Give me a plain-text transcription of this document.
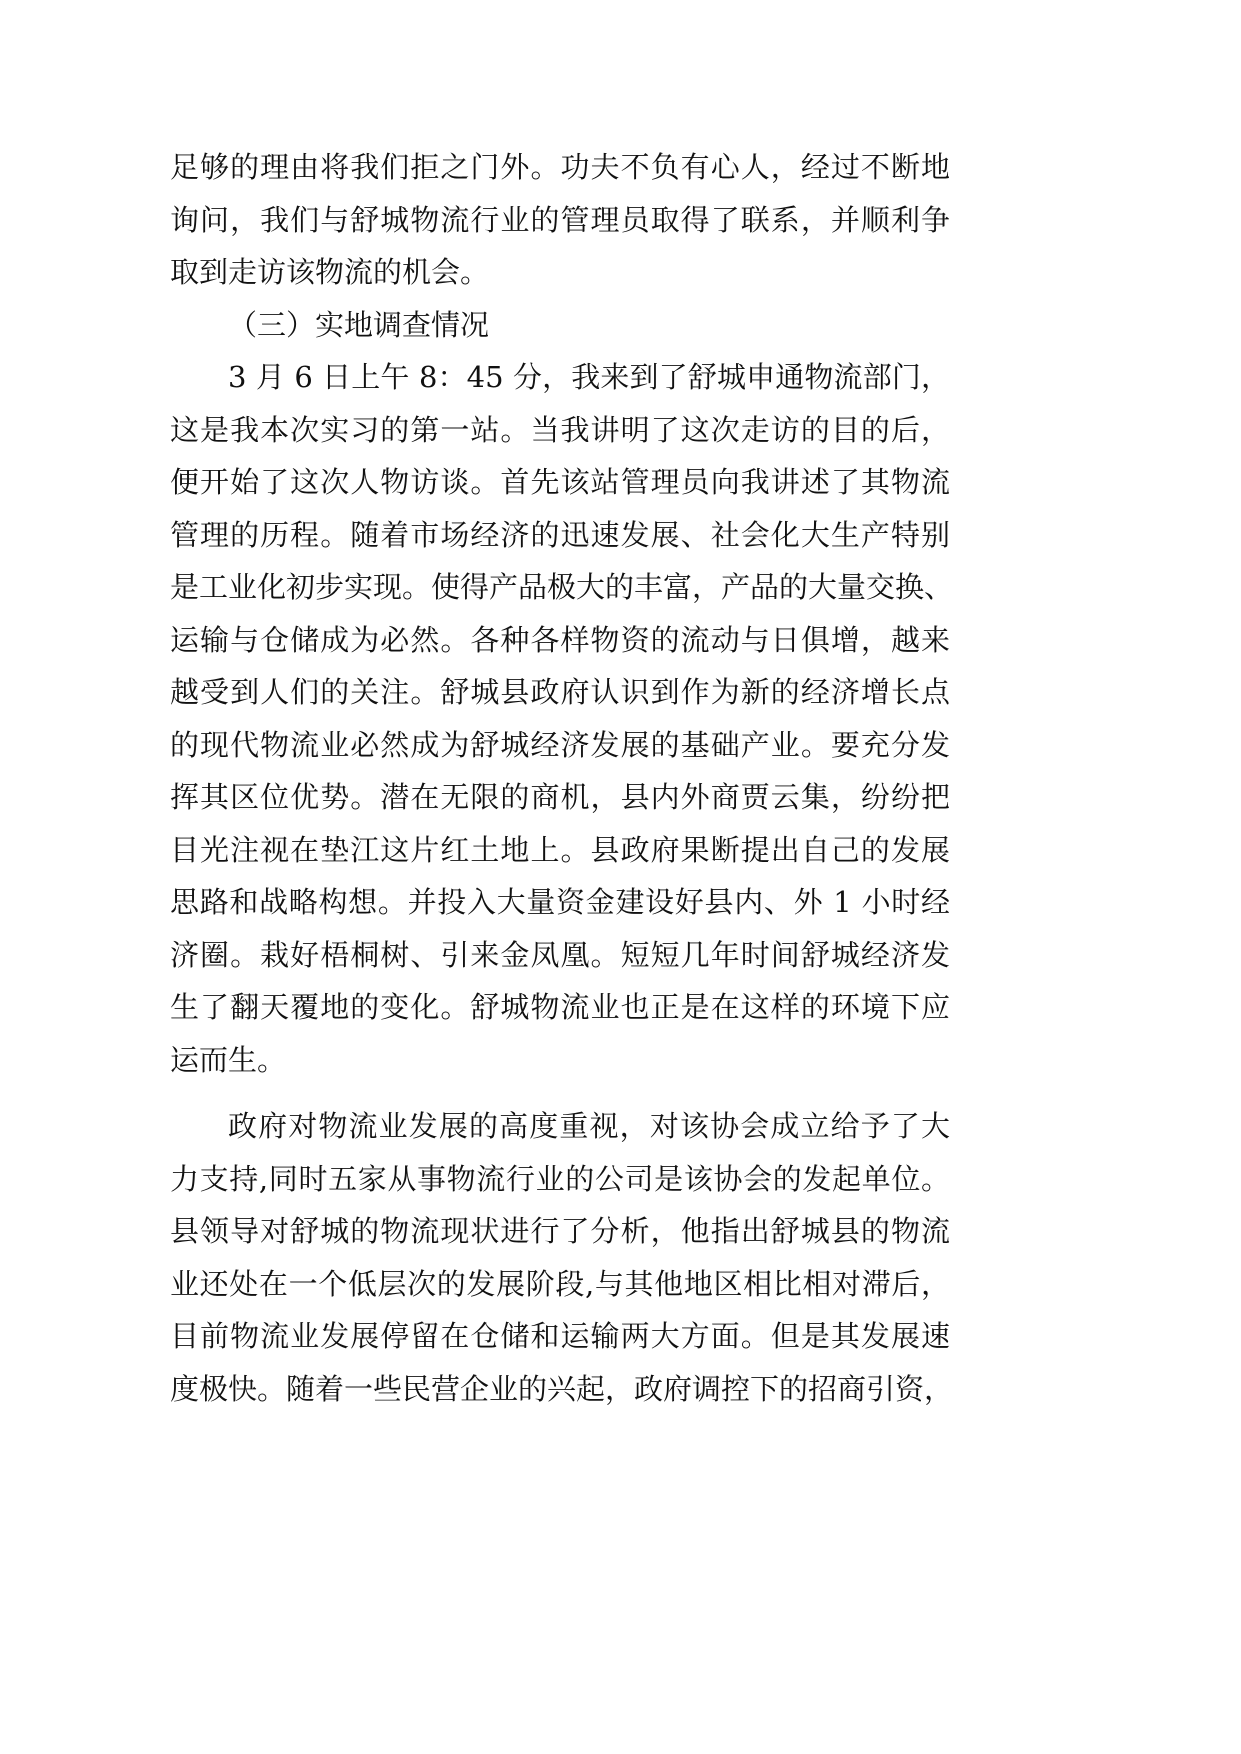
足够的理由将我们拒之门外。功夫不负有心人，经过不断地
询问，我们与舒城物流行业的管理员取得了联系，并顺利争
取到走访该物流的机会。
（三）实地调查情况
3 月 6 日上午 8：45 分，我来到了舒城申通物流部门，
这是我本次实习的第一站。当我讲明了这次走访的目的后，
便开始了这次人物访谈。首先该站管理员向我讲述了其物流
管理的历程。随着市场经济的迅速发展、社会化大生产特别
是工业化初步实现。使得产品极大的丰富，产品的大量交换、
运输与仓储成为必然。各种各样物资的流动与日俱增，越来
越受到人们的关注。舒城县政府认识到作为新的经济增长点
的现代物流业必然成为舒城经济发展的基础产业。要充分发
挥其区位优势。潜在无限的商机，县内外商贾云集，纷纷把
目光注视在垫江这片红土地上。县政府果断提出自己的发展
思路和战略构想。并投入大量资金建设好县内、外 1 小时经
济圈。栽好梧桐树、引来金凤凰。短短几年时间舒城经济发
生了翻天覆地的变化。舒城物流业也正是在这样的环境下应
运而生。
政府对物流业发展的高度重视，对该协会成立给予了大
力支持,同时五家从事物流行业的公司是该协会的发起单位。
县领导对舒城的物流现状进行了分析，他指出舒城县的物流
业还处在一个低层次的发展阶段,与其他地区相比相对滞后，
目前物流业发展停留在仓储和运输两大方面。但是其发展速
度极快。随着一些民营企业的兴起，政府调控下的招商引资，
